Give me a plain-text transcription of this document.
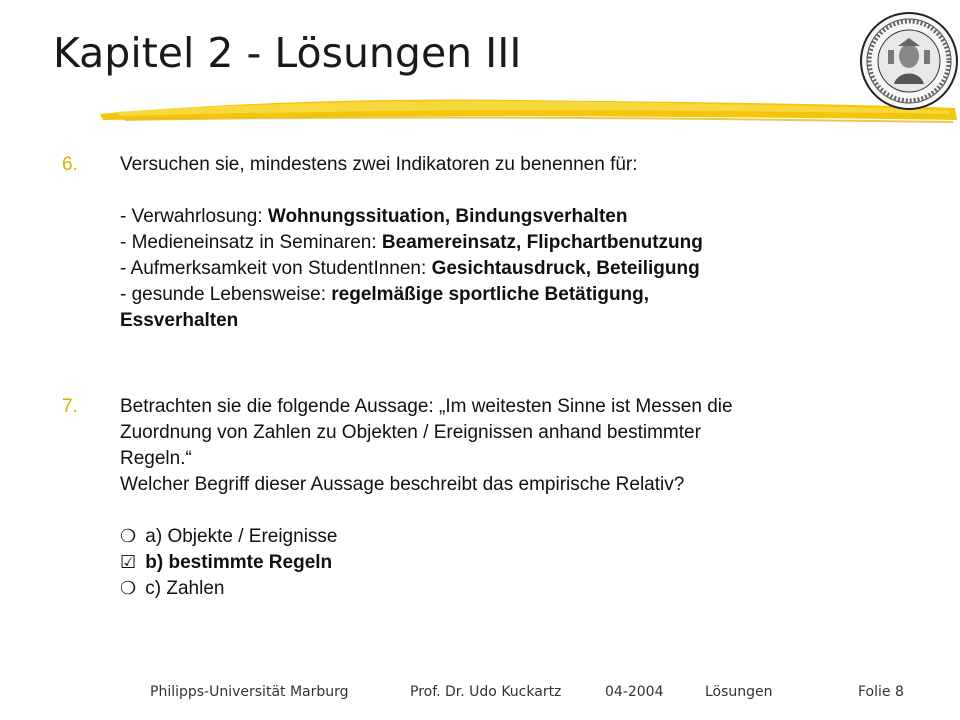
Kapitel 2 - Lösungen III
6. Versuchen sie, mindestens zwei Indikatoren zu benennen für:
- Verwahrlosung: Wohnungssituation, Bindungsverhalten
- Medieneinsatz in Seminaren: Beamereinsatz, Flipchartbenutzung
- Aufmerksamkeit von StudentInnen: Gesichtausdruck, Beteiligung
- gesunde Lebensweise: regelmäßige sportliche Betätigung,
Essverhalten
7. Betrachten sie die folgende Aussage: „Im weitesten Sinne ist Messen die
Zuordnung von Zahlen zu Objekten / Ereignissen anhand bestimmter
Regeln.“
Welcher Begriff dieser Aussage beschreibt das empirische Relativ?
❍ a) Objekte / Ereignisse
☑ b) bestimmte Regeln
❍ c) Zahlen
Philipps-Universität Marburg	Prof. Dr. Udo Kuckartz	04-2004	Lösungen	Folie 8
